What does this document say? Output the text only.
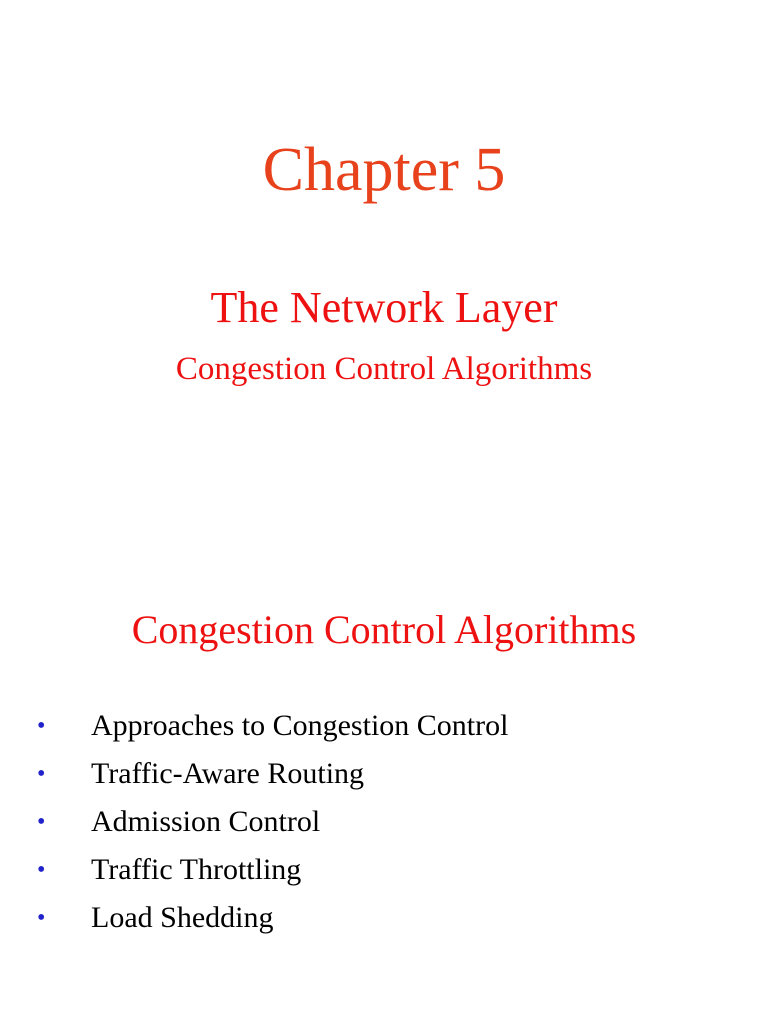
Chapter 5
The Network Layer
Congestion Control Algorithms
Congestion Control Algorithms
• Approaches to Congestion Control
• Traffic-Aware Routing
• Admission Control
• Traffic Throttling
• Load Shedding
